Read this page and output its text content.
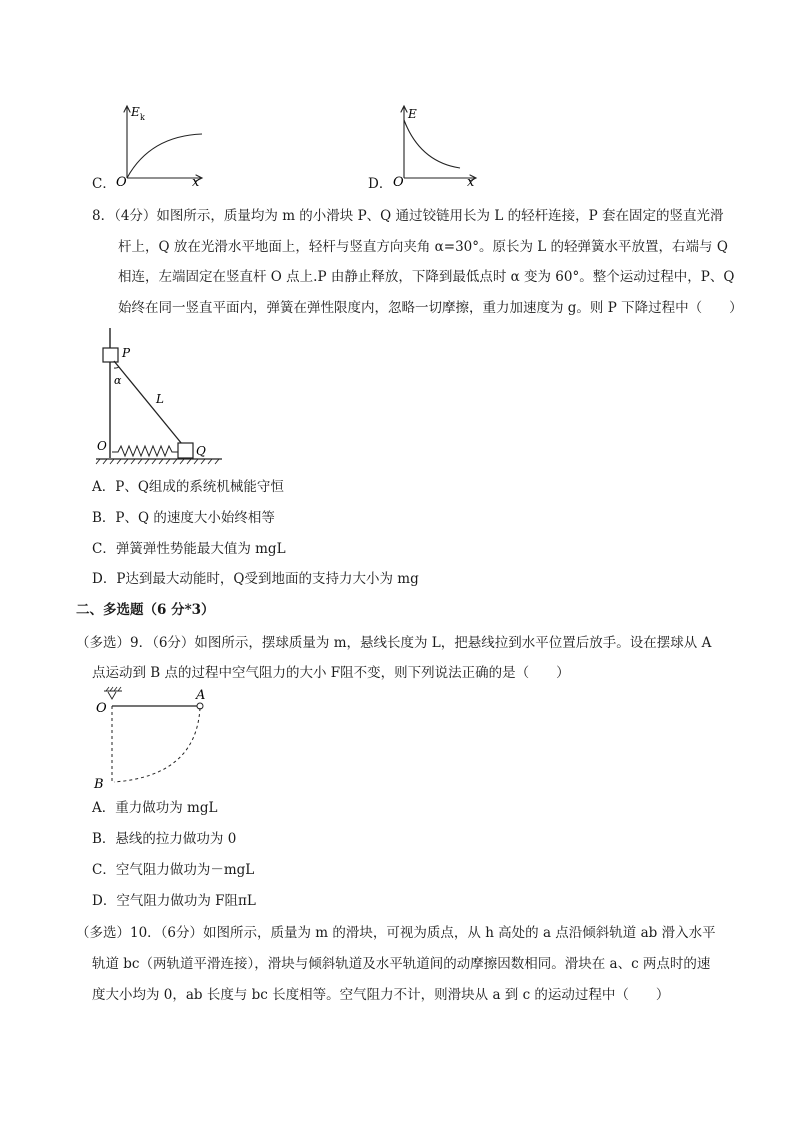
C．
E k
O	x	D．
E
O	x
8．（4分）如图所示，质量均为 m 的小滑块 P、Q 通过铰链用长为 L 的轻杆连接，P 套在固定的竖直光滑
杆上，Q 放在光滑水平地面上，轻杆与竖直方向夹角 α=30°。原长为 L 的轻弹簧水平放置，右端与 Q
相连，左端固定在竖直杆 O 点上.P 由静止释放，下降到最低点时 α 变为 60°。整个运动过程中，P、Q
始终在同一竖直平面内，弹簧在弹性限度内，忽略一切摩擦，重力加速度为 g。则 P 下降过程中（　　）
P
α
L
O	Q
A．P、Q组成的系统机械能守恒
B．P、Q 的速度大小始终相等
C．弹簧弹性势能最大值为 mgL
D．P达到最大动能时，Q受到地面的支持力大小为 mg
二、多选题（6 分*3）
（多选）9．（6分）如图所示，摆球质量为 m，悬线长度为 L，把悬线拉到水平位置后放手。设在摆球从 A
点运动到 B 点的过程中空气阻力的大小 F阻不变，则下列说法正确的是（　　）
O
A
B
A．重力做功为 mgL
B．悬线的拉力做功为 0
C．空气阻力做功为－mgL
D．空气阻力做功为 F阻πL
（多选）10．（6分）如图所示，质量为 m 的滑块，可视为质点，从 h 高处的 a 点沿倾斜轨道 ab 滑入水平
轨道 bc（两轨道平滑连接），滑块与倾斜轨道及水平轨道间的动摩擦因数相同。滑块在 a、c 两点时的速
度大小均为 0，ab 长度与 bc 长度相等。空气阻力不计，则滑块从 a 到 c 的运动过程中（　　）
